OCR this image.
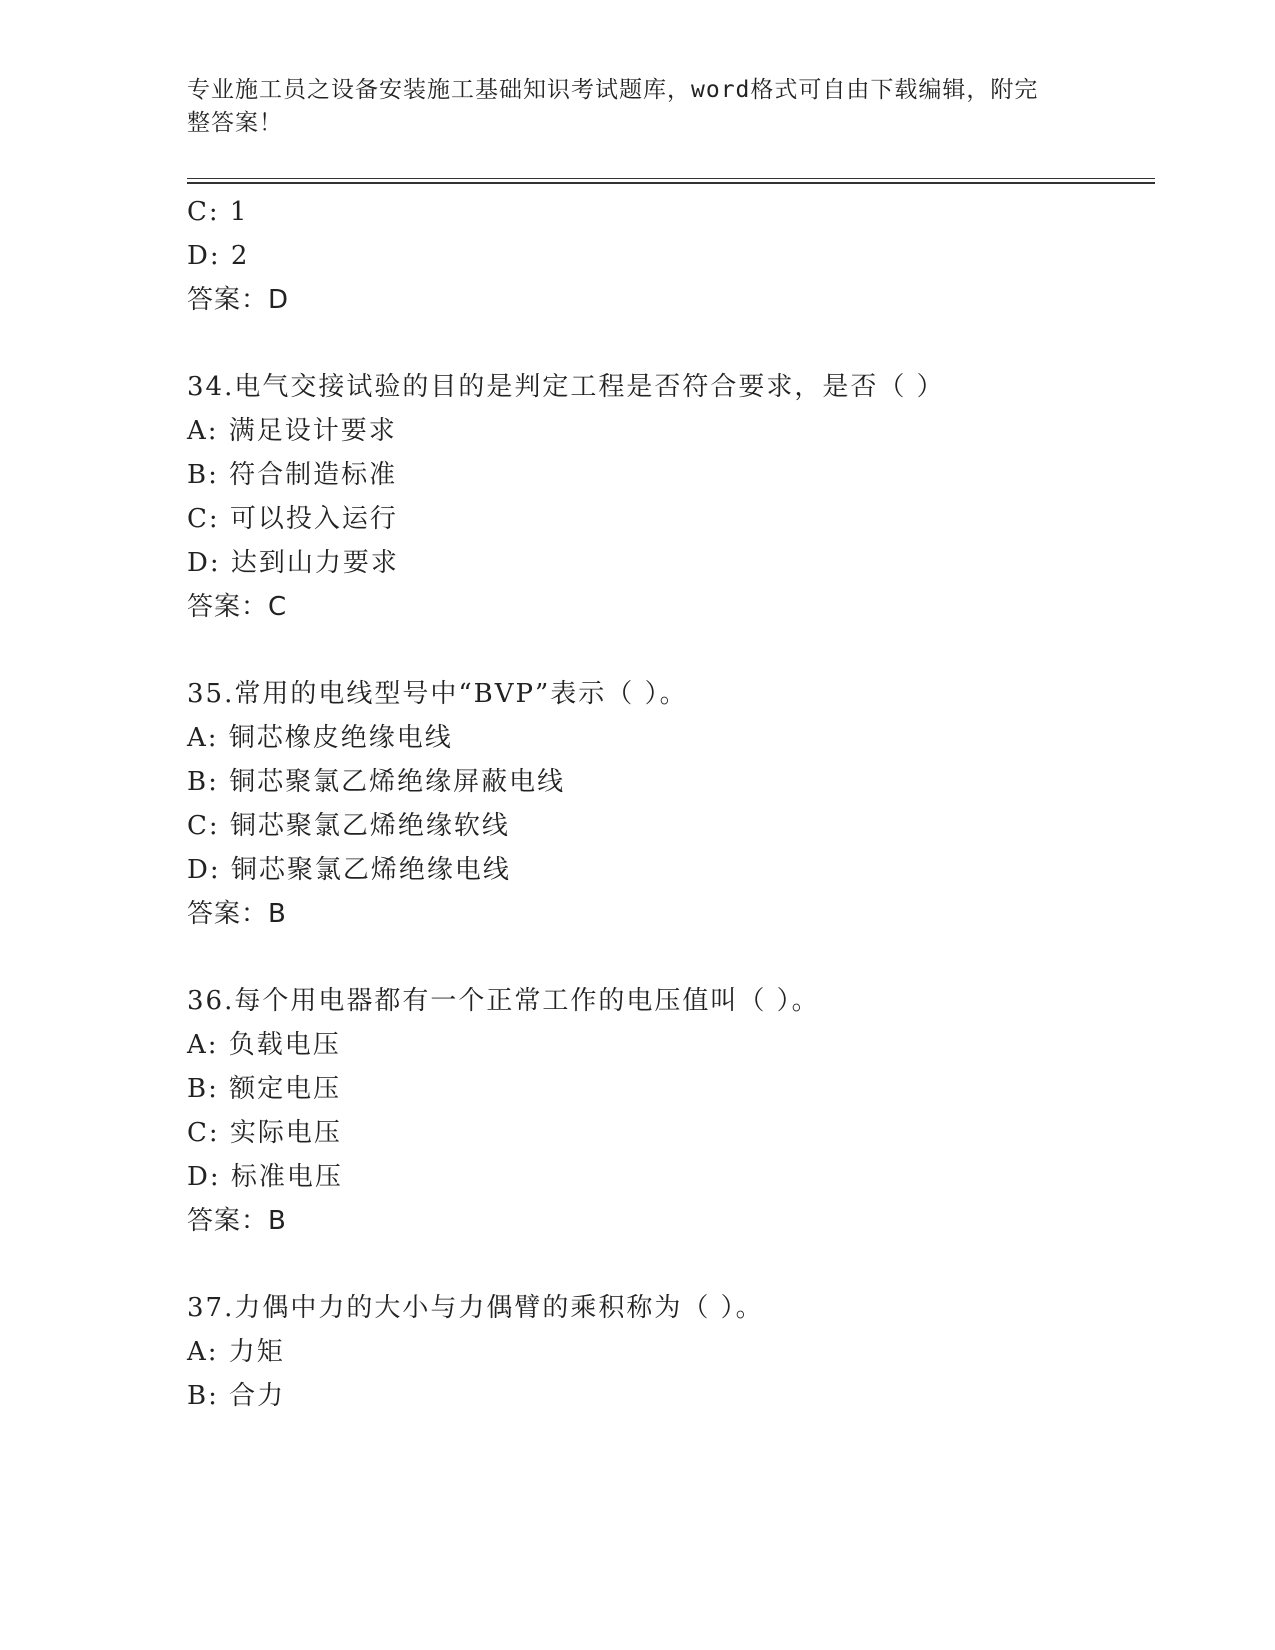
专业施工员之设备安装施工基础知识考试题库，word格式可自由下载编辑，附完
整答案！
C: 1
D: 2
答案：D
34.电气交接试验的目的是判定工程是否符合要求，是否（ ）
A: 满足设计要求
B: 符合制造标准
C: 可以投入运行
D: 达到山力要求
答案：C
35.常用的电线型号中“BVP”表示（ ）。
A: 铜芯橡皮绝缘电线
B: 铜芯聚氯乙烯绝缘屏蔽电线
C: 铜芯聚氯乙烯绝缘软线
D: 铜芯聚氯乙烯绝缘电线
答案：B
36.每个用电器都有一个正常工作的电压值叫（ ）。
A: 负载电压
B: 额定电压
C: 实际电压
D: 标准电压
答案：B
37.力偶中力的大小与力偶臂的乘积称为（ ）。
A: 力矩
B: 合力
